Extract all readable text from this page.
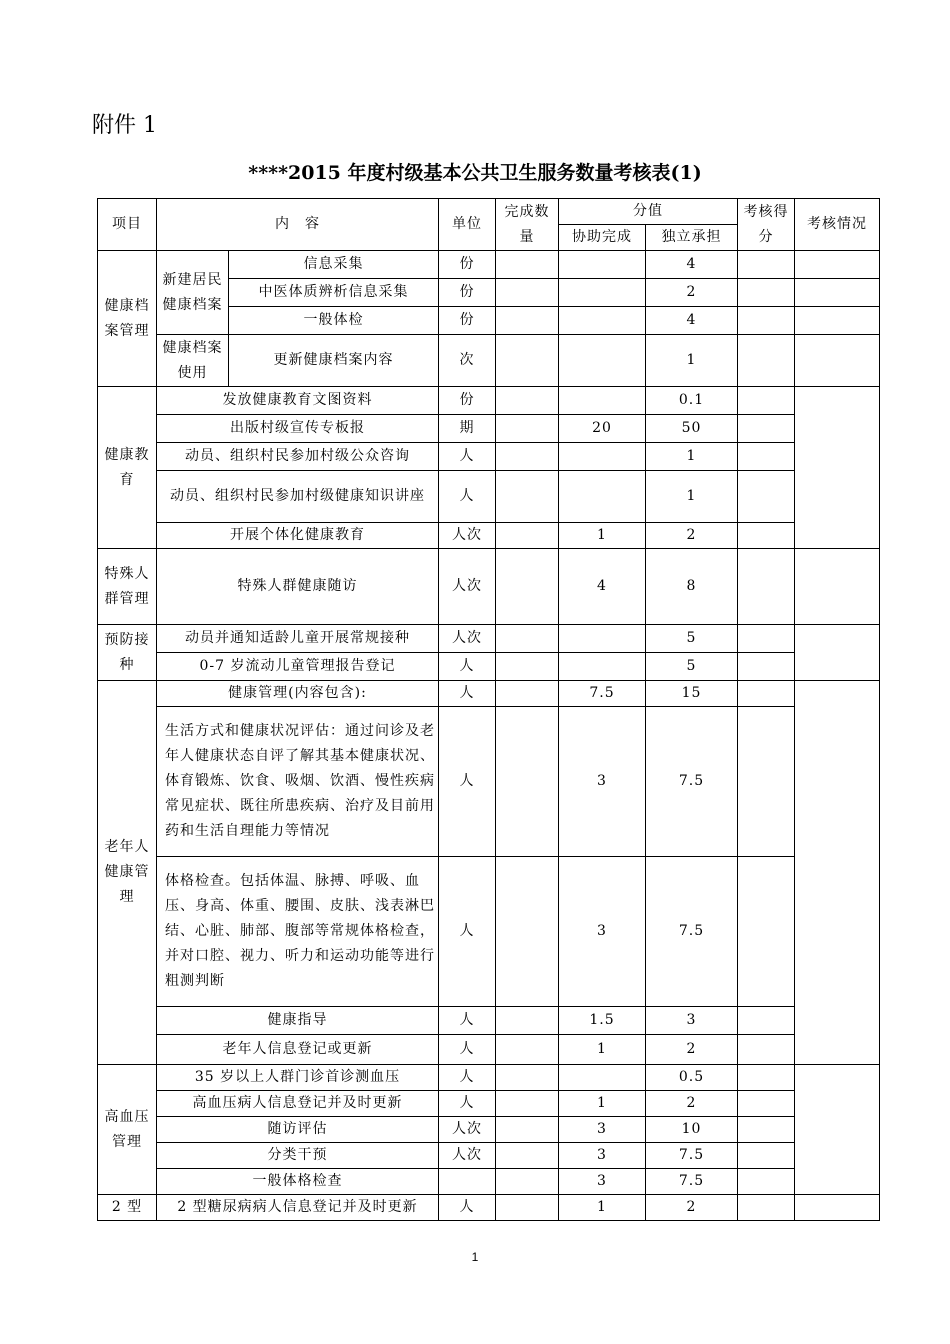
附件 1
****2015 年度村级基本公共卫生服务数量考核表(1)
项目	内　容		单位	完成数量	分值		考核得分	考核情况
					协助完成	独立承担		
健康档案管理	新建居民健康档案	信息采集	份			4		
		中医体质辨析信息采集	份			2		
		一般体检	份			4		
	健康档案使用	更新健康档案内容	次			1		
健康教育	发放健康教育文图资料		份			0.1		
	出版村级宣传专板报		期		20	50		
	动员、组织村民参加村级公众咨询		人			1		
	动员、组织村民参加村级健康知识讲座		人			1		
	开展个体化健康教育		人次		1	2		
特殊人群管理	特殊人群健康随访		人次		4	8		
预防接种	动员并通知适龄儿童开展常规接种		人次			5		
	0-7 岁流动儿童管理报告登记		人			5		
老年人健康管理	健康管理(内容包含):		人		7.5	15		
	生活方式和健康状况评估：通过问诊及老年人健康状态自评了解其基本健康状况、体育锻炼、饮食、吸烟、饮酒、慢性疾病常见症状、既往所患疾病、治疗及目前用药和生活自理能力等情况		人		3	7.5		
	体格检查。包括体温、脉搏、呼吸、血压、身高、体重、腰围、皮肤、浅表淋巴结、心脏、肺部、腹部等常规体格检查，并对口腔、视力、听力和运动功能等进行粗测判断		人		3	7.5		
	健康指导		人		1.5	3		
	老年人信息登记或更新		人		1	2		
高血压管理	35 岁以上人群门诊首诊测血压		人			0.5		
	高血压病人信息登记并及时更新		人		1	2		
	随访评估		人次		3	10		
	分类干预		人次		3	7.5		
	一般体格检查				3	7.5		
2 型	2 型糖尿病病人信息登记并及时更新		人		1	2		
1
